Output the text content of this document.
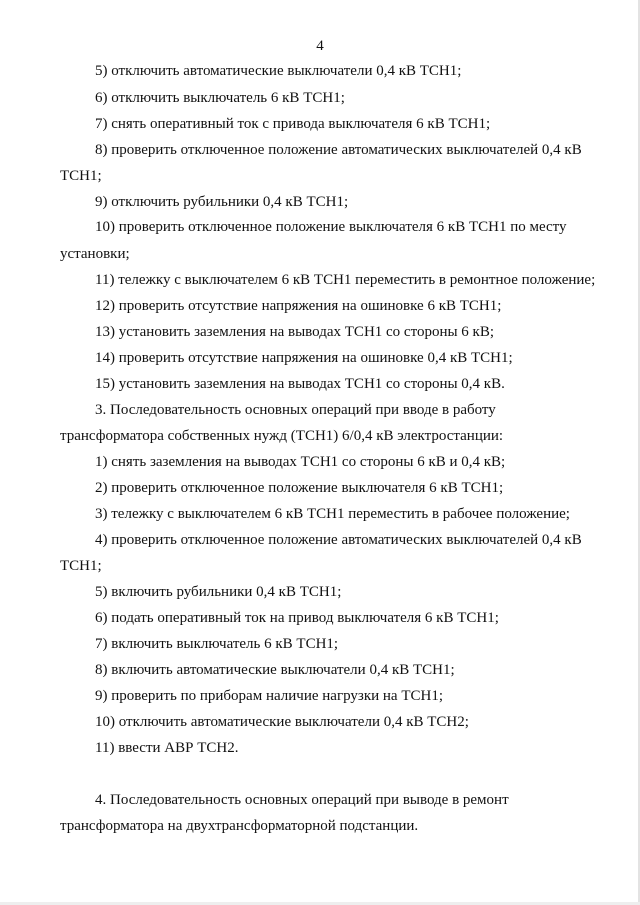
4
5) отключить автоматические выключатели 0,4 кВ ТСН1;
6) отключить выключатель 6 кВ ТСН1;
7) снять оперативный ток с привода выключателя 6 кВ ТСН1;
8) проверить отключенное положение автоматических выключателей 0,4 кВ
ТСН1;
9) отключить рубильники 0,4 кВ ТСН1;
10) проверить отключенное положение выключателя 6 кВ ТСН1 по месту
установки;
11) тележку с выключателем 6 кВ ТСН1 переместить в ремонтное положение;
12) проверить отсутствие напряжения на ошиновке 6 кВ ТСН1;
13) установить заземления на выводах ТСН1 со стороны 6 кВ;
14) проверить отсутствие напряжения на ошиновке 0,4 кВ ТСН1;
15) установить заземления на выводах ТСН1 со стороны 0,4 кВ.
3. Последовательность основных операций при вводе в работу
трансформатора собственных нужд (ТСН1) 6/0,4 кВ электростанции:
1) снять заземления на выводах ТСН1 со стороны 6 кВ и 0,4 кВ;
2) проверить отключенное положение выключателя 6 кВ ТСН1;
3) тележку с выключателем 6 кВ ТСН1 переместить в рабочее положение;
4) проверить отключенное положение автоматических выключателей 0,4 кВ
ТСН1;
5) включить рубильники 0,4 кВ ТСН1;
6) подать оперативный ток на привод выключателя 6 кВ ТСН1;
7) включить выключатель 6 кВ ТСН1;
8) включить автоматические выключатели 0,4 кВ ТСН1;
9) проверить по приборам наличие нагрузки на ТСН1;
10) отключить автоматические выключатели 0,4 кВ ТСН2;
11) ввести АВР ТСН2.
4. Последовательность основных операций при выводе в ремонт
трансформатора на двухтрансформаторной подстанции.
